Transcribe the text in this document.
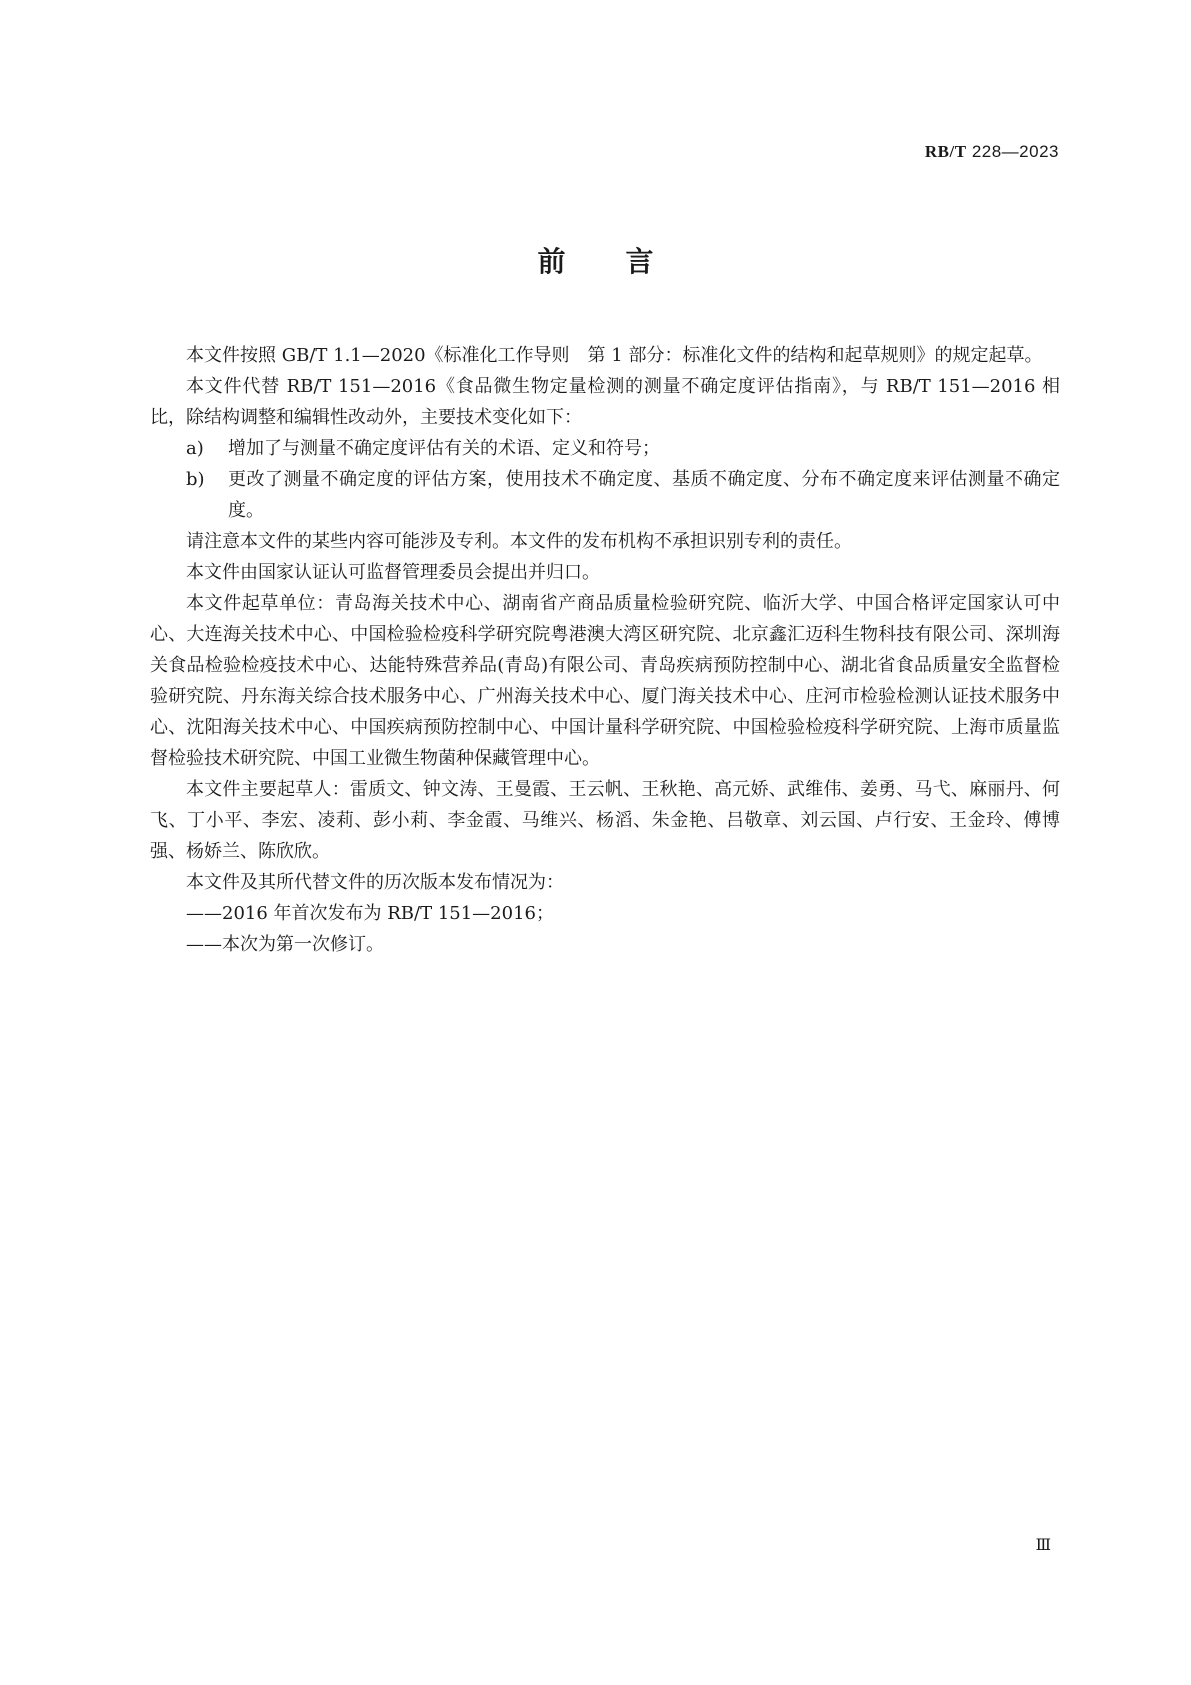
RB/T 228—2023
前言

本文件按照 GB/T 1.1—2020《标准化工作导则　第 1 部分：标准化文件的结构和起草规则》的规定起草。

本文件代替 RB/T 151—2016《食品微生物定量检测的测量不确定度评估指南》，与 RB/T 151—2016 相比，除结构调整和编辑性改动外，主要技术变化如下：

a)	增加了与测量不确定度评估有关的术语、定义和符号；
b)	更改了测量不确定度的评估方案，使用技术不确定度、基质不确定度、分布不确定度来评估测量不确定度。

请注意本文件的某些内容可能涉及专利。本文件的发布机构不承担识别专利的责任。

本文件由国家认证认可监督管理委员会提出并归口。

本文件起草单位：青岛海关技术中心、湖南省产商品质量检验研究院、临沂大学、中国合格评定国家认可中心、大连海关技术中心、中国检验检疫科学研究院粤港澳大湾区研究院、北京鑫汇迈科生物科技有限公司、深圳海关食品检验检疫技术中心、达能特殊营养品(青岛)有限公司、青岛疾病预防控制中心、湖北省食品质量安全监督检验研究院、丹东海关综合技术服务中心、广州海关技术中心、厦门海关技术中心、庄河市检验检测认证技术服务中心、沈阳海关技术中心、中国疾病预防控制中心、中国计量科学研究院、中国检验检疫科学研究院、上海市质量监督检验技术研究院、中国工业微生物菌种保藏管理中心。

本文件主要起草人：雷质文、钟文涛、王曼霞、王云帆、王秋艳、高元娇、武维伟、姜勇、马弋、麻丽丹、何飞、丁小平、李宏、凌莉、彭小莉、李金霞、马维兴、杨滔、朱金艳、吕敬章、刘云国、卢行安、王金玲、傅博强、杨娇兰、陈欣欣。

本文件及其所代替文件的历次版本发布情况为：

——2016 年首次发布为 RB/T 151—2016；
——本次为第一次修订。
Ⅲ
